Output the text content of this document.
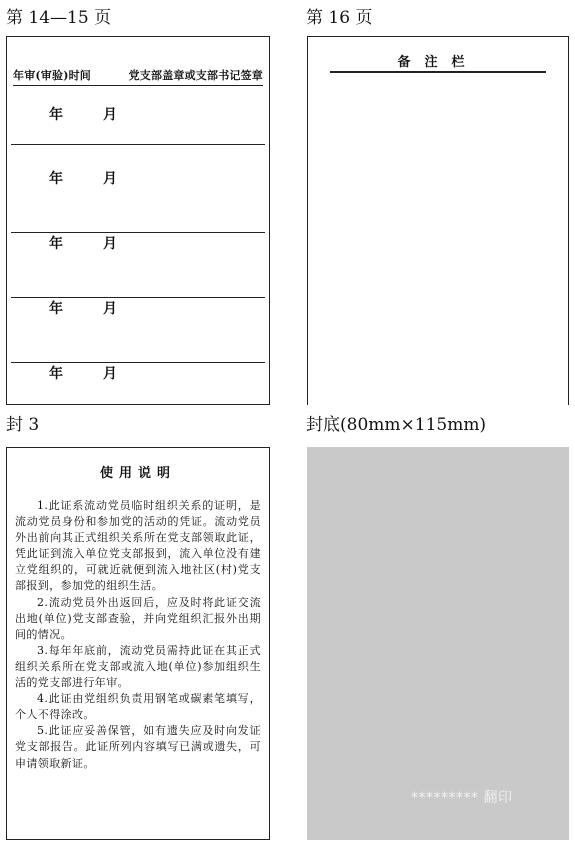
第 14—15 页	第 16 页
封 3	封底(80mm×115mm)
年审(审验)时间	党支部盖章或支部书记签章
年	月
年	月
年	月
年	月
年	月
备注栏
使用说明

1.此证系流动党员临时组织关系的证明，是流动党员身份和参加党的活动的凭证。流动党员外出前向其正式组织关系所在党支部领取此证，凭此证到流入单位党支部报到，流入单位没有建立党组织的，可就近就便到流入地社区(村)党支部报到，参加党的组织生活。

2.流动党员外出返回后，应及时将此证交流出地(单位)党支部查验，并向党组织汇报外出期间的情况。

3.每年年底前，流动党员需持此证在其正式组织关系所在党支部或流入地(单位)参加组织生活的党支部进行年审。

4.此证由党组织负责用钢笔或碳素笔填写，个人不得涂改。

5.此证应妥善保管，如有遗失应及时向发证党支部报告。此证所列内容填写已满或遗失，可申请领取新证。

********* 翻印
